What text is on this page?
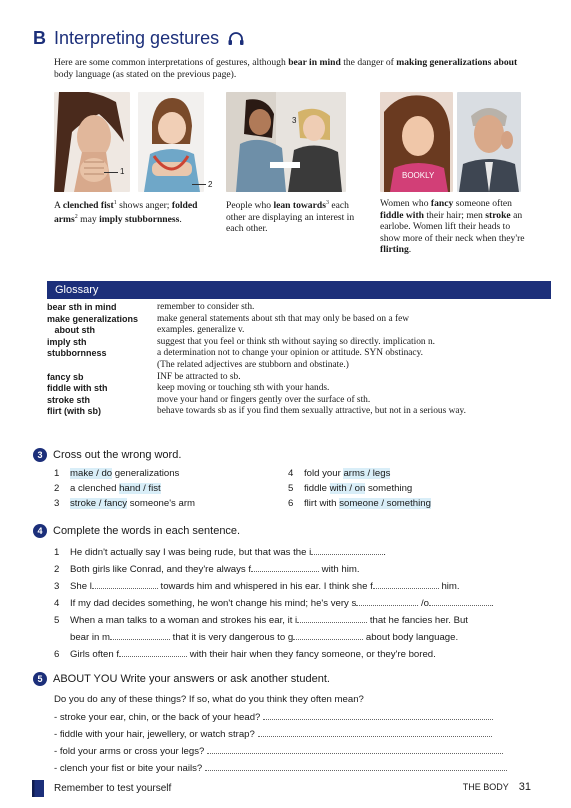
B Interpreting gestures
Here are some common interpretations of gestures, although bear in mind the danger of making generalizations about body language (as stated on the previous page).
1
2
3
BOOKLY
A clenched fist$^1$ shows anger; folded arms$^2$ may imply stubbornness.
People who lean towards$^3$ each other are displaying an interest in each other.
Women who fancy someone often fiddle with their hair; men stroke an earlobe. Women lift their heads to show more of their neck when they're flirting.
Glossary
bear sth in mind	remember to consider sth.
make generalizations	make general statements about sth that may only be based on a few
about sth	examples. generalize v.
imply sth	suggest that you feel or think sth without saying so directly. implication n.
stubbornness	a determination not to change your opinion or attitude. SYN obstinacy.
(The related adjectives are stubborn and obstinate.)
fancy sb	INF be attracted to sb.
fiddle with sth	keep moving or touching sth with your hands.
stroke sth	move your hand or fingers gently over the surface of sth.
flirt (with sb)	behave towards sb as if you find them sexually attractive, but not in a serious way.
3 Cross out the wrong word.
1 make / do generalizations
2 a clenched hand / fist
3 stroke / fancy someone's arm
4 fold your arms / legs
5 fiddle with / on something
6 flirt with someone / something
4 Complete the words in each sentence.
1 He didn't actually say I was being rude, but that was the i	.
2 Both girls like Conrad, and they're always f	with him.
3 She l	towards him and whispered in his ear. I think she f	him.
4 If my dad decides something, he won't change his mind; he's very s	/o	.
5 When a man talks to a woman and strokes his ear, it i	that he fancies her. But
bear in m	that it is very dangerous to g	about body language.
6 Girls often f	with their hair when they fancy someone, or they're bored.
5 ABOUT YOU Write your answers or ask another student.
Do you do any of these things? If so, what do you think they often mean?
- stroke your ear, chin, or the back of your head?
- fiddle with your hair, jewellery, or watch strap?
- fold your arms or cross your legs?
- clench your fist or bite your nails?
Remember to test yourself	THE BODY 31
